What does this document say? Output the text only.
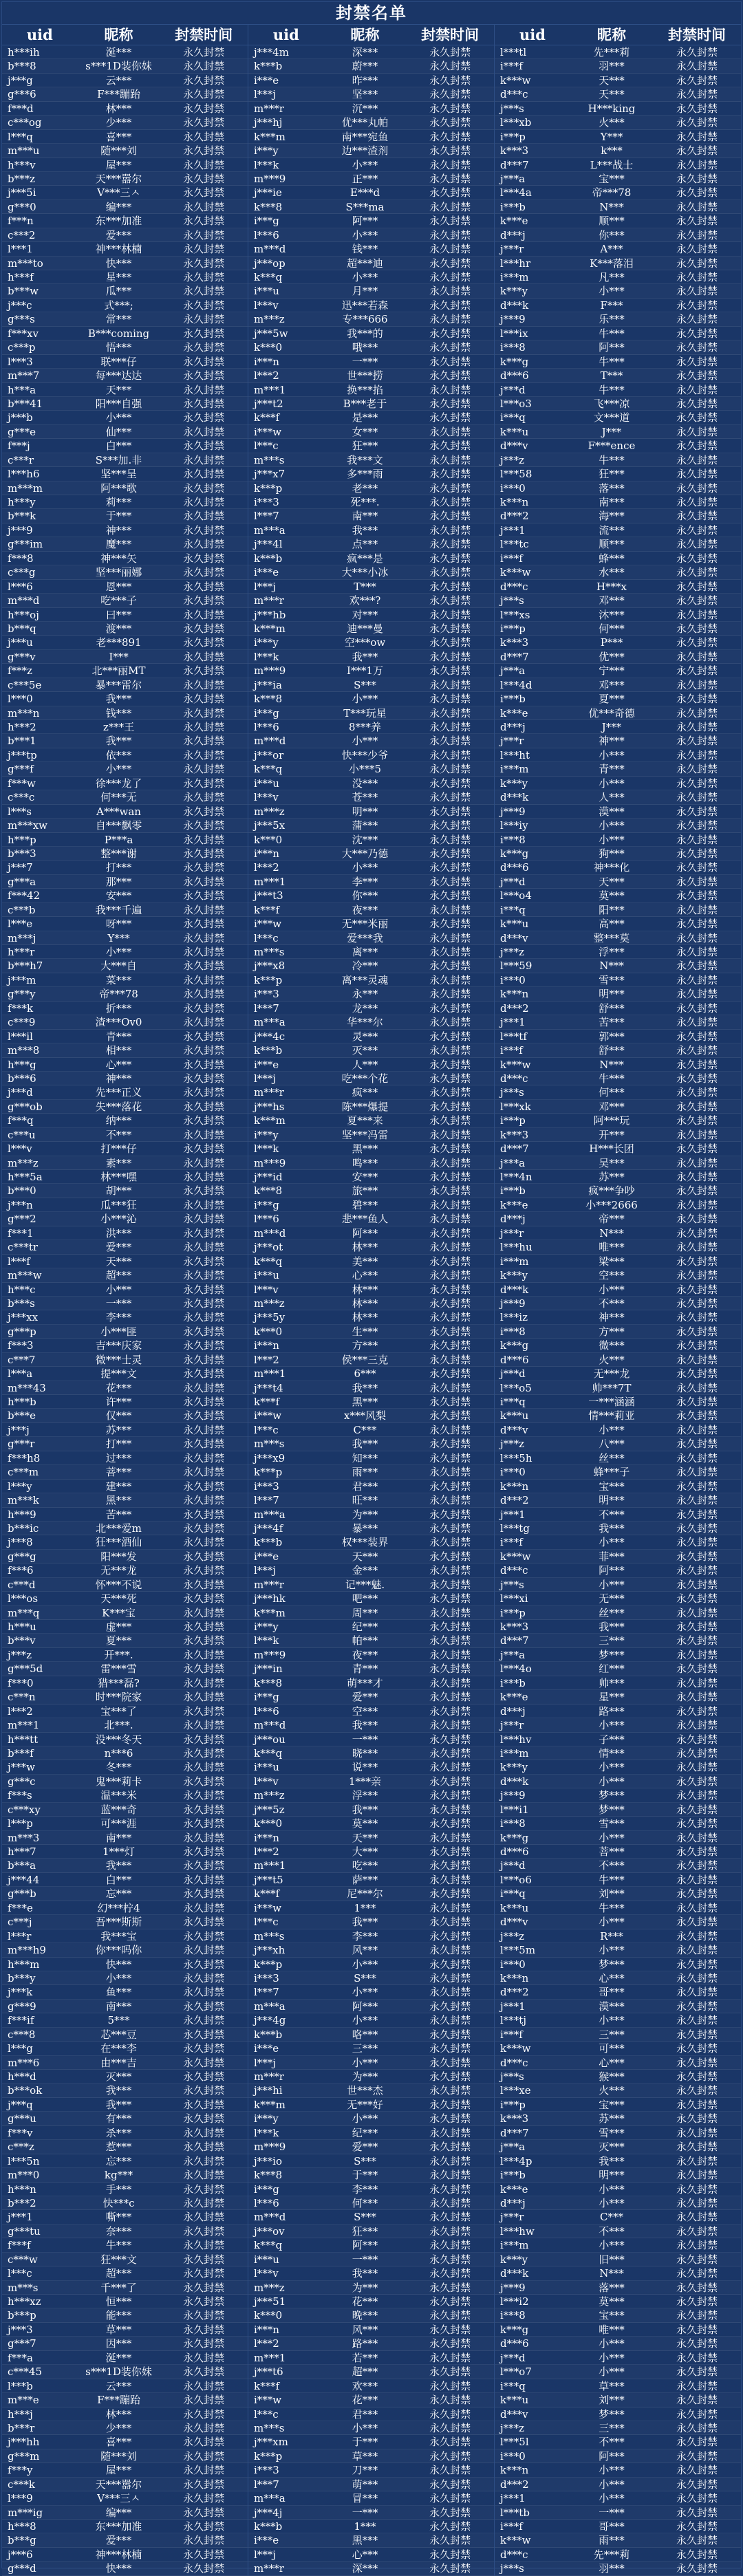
封禁名单
uid	昵称	封禁时间
h***ih	涎***	永久封禁
b***8	s***1D装你妹	永久封禁
j***g	云***	永久封禁
g***6	F***蹦跆	永久封禁
f***d	林***	永久封禁
c***og	少***	永久封禁
l***q	喜***	永久封禁
m***u	随***刘	永久封禁
h***v	屋***	永久封禁
b***z	天***嚣尔	永久封禁
j***5i	V***三ㅅ	永久封禁
g***0	编***	永久封禁
f***n	东***加准	永久封禁
c***2	爱***	永久封禁
l***1	神***林楠	永久封禁
m***to	快***	永久封禁
h***f	星***	永久封禁
b***w	瓜***	永久封禁
j***c	式***;	永久封禁
g***s	常***	永久封禁
f***xv	B***coming	永久封禁
c***p	悟***	永久封禁
l***3	联***仔	永久封禁
m***7	每***达达	永久封禁
h***a	天***	永久封禁
b***41	阳***自强	永久封禁
j***b	小***	永久封禁
g***e	仙***	永久封禁
f***j	白***	永久封禁
c***r	S***加.非	永久封禁
l***h6	坚***呈	永久封禁
m***m	阿***歌	永久封禁
h***y	莉***	永久封禁
b***k	于***	永久封禁
j***9	神***	永久封禁
g***im	魔***	永久封禁
f***8	神***矢	永久封禁
c***g	坚***丽娜	永久封禁
l***6	恩***	永久封禁
m***d	吃***子	永久封禁
h***oj	曰***	永久封禁
b***q	渡***	永久封禁
j***u	老***891	永久封禁
g***v	I***	永久封禁
f***z	北***丽MT	永久封禁
c***5e	暴***雷尔	永久封禁
l***0	我***	永久封禁
m***n	钱***	永久封禁
h***2	z***王	永久封禁
b***1	我***	永久封禁
j***tp	依***	永久封禁
g***f	小***	永久封禁
f***w	徐***龙了	永久封禁
c***c	何***无	永久封禁
l***s	A***wan	永久封禁
m***xw	自***飘零	永久封禁
h***p	P***a	永久封禁
b***3	整***谢	永久封禁
j***7	打***	永久封禁
g***a	那***	永久封禁
f***42	安***	永久封禁
c***b	我***千遍	永久封禁
l***e	呀***	永久封禁
m***j	Y***	永久封禁
h***r	小***	永久封禁
b***h7	大***自	永久封禁
j***m	菜***	永久封禁
g***y	帝***78	永久封禁
f***k	折***	永久封禁
c***9	渣***Ov0	永久封禁
l***il	青***	永久封禁
m***8	相***	永久封禁
h***g	心***	永久封禁
b***6	神***	永久封禁
j***d	先***正义	永久封禁
g***ob	失***落花	永久封禁
f***q	纳***	永久封禁
c***u	不***	永久封禁
l***v	打***仔	永久封禁
m***z	素***	永久封禁
h***5a	林***嘿	永久封禁
b***0	胡***	永久封禁
j***n	瓜***狂	永久封禁
g***2	小***沁	永久封禁
f***1	洪***	永久封禁
c***tr	爱***	永久封禁
l***f	天***	永久封禁
m***w	超***	永久封禁
h***c	小***	永久封禁
b***s	一***	永久封禁
j***xx	李***	永久封禁
g***p	小***匪	永久封禁
f***3	吉***庆家	永久封禁
c***7	微***士灵	永久封禁
l***a	提***文	永久封禁
m***43	花***	永久封禁
h***b	许***	永久封禁
b***e	仅***	永久封禁
j***j	苏***	永久封禁
g***r	打***	永久封禁
f***h8	过***	永久封禁
c***m	菩***	永久封禁
l***y	建***	永久封禁
m***k	黑***	永久封禁
h***9	苦***	永久封禁
b***ic	北***爱m	永久封禁
j***8	狂***酒仙	永久封禁
g***g	阳***发	永久封禁
f***6	无***龙	永久封禁
c***d	怀***不说	永久封禁
l***os	天***死	永久封禁
m***q	K***宝	永久封禁
h***u	虚***	永久封禁
b***v	夏***	永久封禁
j***z	开***.	永久封禁
g***5d	雷***雪	永久封禁
f***0	猎***磊?	永久封禁
c***n	时***院家	永久封禁
l***2	宝***了	永久封禁
m***1	北***.	永久封禁
h***tt	没***冬天	永久封禁
b***f	n***6	永久封禁
j***w	冬***	永久封禁
g***c	鬼***莉卡	永久封禁
f***s	温***米	永久封禁
c***xy	蓝***奇	永久封禁
l***p	可***涯	永久封禁
m***3	南***	永久封禁
h***7	1***灯	永久封禁
b***a	我***	永久封禁
j***44	白***	永久封禁
g***b	忘***	永久封禁
f***e	幻***柠4	永久封禁
c***j	吾***斯斯	永久封禁
l***r	我***宝	永久封禁
m***h9	你***吗你	永久封禁
h***m	快***	永久封禁
b***y	小***	永久封禁
j***k	鱼***	永久封禁
g***9	南***	永久封禁
f***if	5***	永久封禁
c***8	芯***豆	永久封禁
l***g	在***李	永久封禁
m***6	由***吉	永久封禁
h***d	灭***	永久封禁
b***ok	我***	永久封禁
j***q	我***	永久封禁
g***u	有***	永久封禁
f***v	杀***	永久封禁
c***z	惹***	永久封禁
l***5n	忘***	永久封禁
m***0	kg***	永久封禁
h***n	手***	永久封禁
b***2	快***c	永久封禁
j***1	嘶***	永久封禁
g***tu	奈***	永久封禁
f***f	牛***	永久封禁
c***w	狂***文	永久封禁
l***c	超***	永久封禁
m***s	千***了	永久封禁
h***xz	恒***	永久封禁
b***p	能***	永久封禁
j***3	草***	永久封禁
g***7	因***	永久封禁
f***a	涎***	永久封禁
c***45	s***1D装你妹	永久封禁
l***b	云***	永久封禁
m***e	F***蹦跆	永久封禁
h***j	林***	永久封禁
b***r	少***	永久封禁
j***hh	喜***	永久封禁
g***m	随***刘	永久封禁
f***y	屋***	永久封禁
c***k	天***嚣尔	永久封禁
l***9	V***三ㅅ	永久封禁
m***ig	编***	永久封禁
h***8	东***加准	永久封禁
b***g	爱***	永久封禁
j***6	神***林楠	永久封禁
g***d	快***	永久封禁
uid	昵称	封禁时间
j***4m	深***	永久封禁
k***b	蔚***	永久封禁
i***e	昨***	永久封禁
l***j	坚***	永久封禁
m***r	沉***	永久封禁
j***hj	优***丸帕	永久封禁
k***m	南***宛鱼	永久封禁
i***y	边***渣剂	永久封禁
l***k	小***	永久封禁
m***9	正***	永久封禁
j***ie	E***d	永久封禁
k***8	S***ma	永久封禁
i***g	阿***	永久封禁
l***6	小***	永久封禁
m***d	钱***	永久封禁
j***op	超***迪	永久封禁
k***q	小***	永久封禁
i***u	月***	永久封禁
l***v	迅***若森	永久封禁
m***z	专***666	永久封禁
j***5w	我***的	永久封禁
k***0	哦***	永久封禁
i***n	一***	永久封禁
l***2	世***捞	永久封禁
m***1	换***掐	永久封禁
j***t2	B***老于	永久封禁
k***f	是***	永久封禁
i***w	女***	永久封禁
l***c	狂***	永久封禁
m***s	我***文	永久封禁
j***x7	多***雨	永久封禁
k***p	老***	永久封禁
i***3	死***.	永久封禁
l***7	南***	永久封禁
m***a	我***	永久封禁
j***4l	点***	永久封禁
k***b	疯***是	永久封禁
i***e	大***小冰	永久封禁
l***j	T***	永久封禁
m***r	欢***?	永久封禁
j***hb	对***	永久封禁
k***m	迪***曼	永久封禁
i***y	空***ow	永久封禁
l***k	我***	永久封禁
m***9	I***1万	永久封禁
j***ia	S***	永久封禁
k***8	小***	永久封禁
i***g	T***玩星	永久封禁
l***6	8***养	永久封禁
m***d	小***	永久封禁
j***or	快***少爷	永久封禁
k***q	小***5	永久封禁
i***u	没***	永久封禁
l***v	苍***	永久封禁
m***z	明***	永久封禁
j***5x	蒲***	永久封禁
k***0	沈***	永久封禁
i***n	大***乃德	永久封禁
l***2	小***	永久封禁
m***1	李***	永久封禁
j***t3	你***	永久封禁
k***f	夜***	永久封禁
i***w	无***米丽	永久封禁
l***c	爱***我	永久封禁
m***s	离***	永久封禁
j***x8	冷***	永久封禁
k***p	离***灵魂	永久封禁
i***3	永***	永久封禁
l***7	龙***	永久封禁
m***a	华***尔	永久封禁
j***4c	灵***	永久封禁
k***b	灭***	永久封禁
i***e	人***	永久封禁
l***j	吃***个花	永久封禁
m***r	疯***	永久封禁
j***hs	陈***爆提	永久封禁
k***m	夏***来	永久封禁
i***y	坚***冯雷	永久封禁
l***k	黑***	永久封禁
m***9	鸣***	永久封禁
j***id	安***	永久封禁
k***8	旅***	永久封禁
i***g	碧***	永久封禁
l***6	悲***鱼人	永久封禁
m***d	阿***	永久封禁
j***ot	林***	永久封禁
k***q	美***	永久封禁
i***u	心***	永久封禁
l***v	林***	永久封禁
m***z	林***	永久封禁
j***5y	林***	永久封禁
k***0	生***	永久封禁
i***n	方***	永久封禁
l***2	侯***三克	永久封禁
m***1	6***	永久封禁
j***t4	我***	永久封禁
k***f	黑***	永久封禁
i***w	x***风梨	永久封禁
l***c	C***	永久封禁
m***s	我***	永久封禁
j***x9	知***	永久封禁
k***p	雨***	永久封禁
i***3	君***	永久封禁
l***7	旺***	永久封禁
m***a	为***	永久封禁
j***4f	暴***	永久封禁
k***b	权***装界	永久封禁
i***e	天***	永久封禁
l***j	金***	永久封禁
m***r	记***魅.	永久封禁
j***hk	吧***	永久封禁
k***m	周***	永久封禁
i***y	纪***	永久封禁
l***k	帕***	永久封禁
m***9	夜***	永久封禁
j***in	青***	永久封禁
k***8	萌***才	永久封禁
i***g	爱***	永久封禁
l***6	空***	永久封禁
m***d	我***	永久封禁
j***ou	一***	永久封禁
k***q	晓***	永久封禁
i***u	说***	永久封禁
l***v	1***亲	永久封禁
m***z	浮***	永久封禁
j***5z	我***	永久封禁
k***0	莫***	永久封禁
i***n	天***	永久封禁
l***2	大***	永久封禁
m***1	吃***	永久封禁
j***t5	萨***	永久封禁
k***f	尼***尔	永久封禁
i***w	1***	永久封禁
l***c	我***	永久封禁
m***s	李***	永久封禁
j***xh	风***	永久封禁
k***p	小***	永久封禁
i***3	S***	永久封禁
l***7	小***	永久封禁
m***a	阿***	永久封禁
j***4g	小***	永久封禁
k***b	咯***	永久封禁
i***e	三***	永久封禁
l***j	小***	永久封禁
m***r	为***	永久封禁
j***hi	世***杰	永久封禁
k***m	无***好	永久封禁
i***y	小***	永久封禁
l***k	纪***	永久封禁
m***9	爱***	永久封禁
j***io	S***	永久封禁
k***8	于***	永久封禁
i***g	李***	永久封禁
l***6	何***	永久封禁
m***d	S***	永久封禁
j***ov	狂***	永久封禁
k***q	阿***	永久封禁
i***u	一***	永久封禁
l***v	我***	永久封禁
m***z	为***	永久封禁
j***51	花***	永久封禁
k***0	晚***	永久封禁
i***n	风***	永久封禁
l***2	路***	永久封禁
m***1	若***	永久封禁
j***t6	超***	永久封禁
k***f	欢***	永久封禁
i***w	花***	永久封禁
l***c	君***	永久封禁
m***s	小***	永久封禁
j***xm	于***	永久封禁
k***p	草***	永久封禁
i***3	刀***	永久封禁
l***7	萌***	永久封禁
m***a	冒***	永久封禁
j***4j	一***	永久封禁
k***b	1***	永久封禁
i***e	黑***	永久封禁
l***j	心***	永久封禁
m***r	深***	永久封禁
uid	昵称	封禁时间
l***tl	先***莉	永久封禁
i***f	羽***	永久封禁
k***w	天***	永久封禁
d***c	天***	永久封禁
j***s	H***king	永久封禁
l***xb	火***	永久封禁
i***p	Y***	永久封禁
k***3	k***	永久封禁
d***7	L***战士	永久封禁
j***a	宝***	永久封禁
l***4a	帝***78	永久封禁
i***b	N***	永久封禁
k***e	顺***	永久封禁
d***j	你***	永久封禁
j***r	A***	永久封禁
l***hr	K***落泪	永久封禁
i***m	凡***	永久封禁
k***y	小***	永久封禁
d***k	F***	永久封禁
j***9	乐***	永久封禁
l***ix	牛***	永久封禁
i***8	阿***	永久封禁
k***g	牛***	永久封禁
d***6	T***	永久封禁
j***d	牛***	永久封禁
l***o3	飞***凉	永久封禁
i***q	文***道	永久封禁
k***u	J***	永久封禁
d***v	F***ence	永久封禁
j***z	牛***	永久封禁
l***58	狂***	永久封禁
i***0	落***	永久封禁
k***n	南***	永久封禁
d***2	海***	永久封禁
j***1	流***	永久封禁
l***tc	顺***	永久封禁
i***f	蜂***	永久封禁
k***w	水***	永久封禁
d***c	H***x	永久封禁
j***s	邓***	永久封禁
l***xs	沐***	永久封禁
i***p	何***	永久封禁
k***3	P***	永久封禁
d***7	优***	永久封禁
j***a	宁***	永久封禁
l***4d	邓***	永久封禁
i***b	夏***	永久封禁
k***e	优***奇德	永久封禁
d***j	J***	永久封禁
j***r	神***	永久封禁
l***ht	小***	永久封禁
i***m	青***	永久封禁
k***y	小***	永久封禁
d***k	人***	永久封禁
j***9	漠***	永久封禁
l***iy	小***	永久封禁
i***8	小***	永久封禁
k***g	狗***	永久封禁
d***6	神***化	永久封禁
j***d	天***	永久封禁
l***o4	莫***	永久封禁
i***q	阳***	永久封禁
k***u	高***	永久封禁
d***v	整***莫	永久封禁
j***z	浮***	永久封禁
l***59	N***	永久封禁
i***0	雪***	永久封禁
k***n	明***	永久封禁
d***2	舒***	永久封禁
j***1	苦***	永久封禁
l***tf	郭***	永久封禁
i***f	舒***	永久封禁
k***w	N***	永久封禁
d***c	牛***	永久封禁
j***s	何***	永久封禁
l***xk	邓***	永久封禁
i***p	阿***玩	永久封禁
k***3	开***	永久封禁
d***7	H***长团	永久封禁
j***a	吴***	永久封禁
l***4n	苏***	永久封禁
i***b	疯***争吵	永久封禁
k***e	小***2666	永久封禁
d***j	帝***	永久封禁
j***r	N***	永久封禁
l***hu	唯***	永久封禁
i***m	梁***	永久封禁
k***y	空***	永久封禁
d***k	小***	永久封禁
j***9	不***	永久封禁
l***iz	神***	永久封禁
i***8	方***	永久封禁
k***g	微***	永久封禁
d***6	火***	永久封禁
j***d	无***龙	永久封禁
l***o5	帅***7T	永久封禁
i***q	一***涵涵	永久封禁
k***u	情***莉亚	永久封禁
d***v	小***	永久封禁
j***z	八***	永久封禁
l***5h	丝***	永久封禁
i***0	蜂***子	永久封禁
k***n	宝***	永久封禁
d***2	明***	永久封禁
j***1	不***	永久封禁
l***tg	我***	永久封禁
i***f	小***	永久封禁
k***w	菲***	永久封禁
d***c	阿***	永久封禁
j***s	小***	永久封禁
l***xi	无***	永久封禁
i***p	丝***	永久封禁
k***3	我***	永久封禁
d***7	三***	永久封禁
j***a	梦***	永久封禁
l***4o	红***	永久封禁
i***b	帅***	永久封禁
k***e	星***	永久封禁
d***j	路***	永久封禁
j***r	小***	永久封禁
l***hv	子***	永久封禁
i***m	情***	永久封禁
k***y	小***	永久封禁
d***k	小***	永久封禁
j***9	梦***	永久封禁
l***i1	梦***	永久封禁
i***8	雪***	永久封禁
k***g	小***	永久封禁
d***6	菩***	永久封禁
j***d	不***	永久封禁
l***o6	牛***	永久封禁
i***q	刘***	永久封禁
k***u	牛***	永久封禁
d***v	小***	永久封禁
j***z	R***	永久封禁
l***5m	小***	永久封禁
i***0	梦***	永久封禁
k***n	心***	永久封禁
d***2	哥***	永久封禁
j***1	漠***	永久封禁
l***tj	小***	永久封禁
i***f	三***	永久封禁
k***w	可***	永久封禁
d***c	心***	永久封禁
j***s	猴***	永久封禁
l***xe	火***	永久封禁
i***p	宝***	永久封禁
k***3	苏***	永久封禁
d***7	雪***	永久封禁
j***a	灭***	永久封禁
l***4p	我***	永久封禁
i***b	明***	永久封禁
k***e	小***	永久封禁
d***j	小***	永久封禁
j***r	C***	永久封禁
l***hw	不***	永久封禁
i***m	小***	永久封禁
k***y	旧***	永久封禁
d***k	N***	永久封禁
j***9	落***	永久封禁
l***i2	莫***	永久封禁
i***8	宝***	永久封禁
k***g	唯***	永久封禁
d***6	小***	永久封禁
j***d	小***	永久封禁
l***o7	小***	永久封禁
i***q	草***	永久封禁
k***u	刘***	永久封禁
d***v	梦***	永久封禁
j***z	三***	永久封禁
l***5l	不***	永久封禁
i***0	阿***	永久封禁
k***n	小***	永久封禁
d***2	小***	永久封禁
j***1	小***	永久封禁
l***tb	一***	永久封禁
i***f	哥***	永久封禁
k***w	雨***	永久封禁
d***c	先***莉	永久封禁
j***s	羽***	永久封禁
